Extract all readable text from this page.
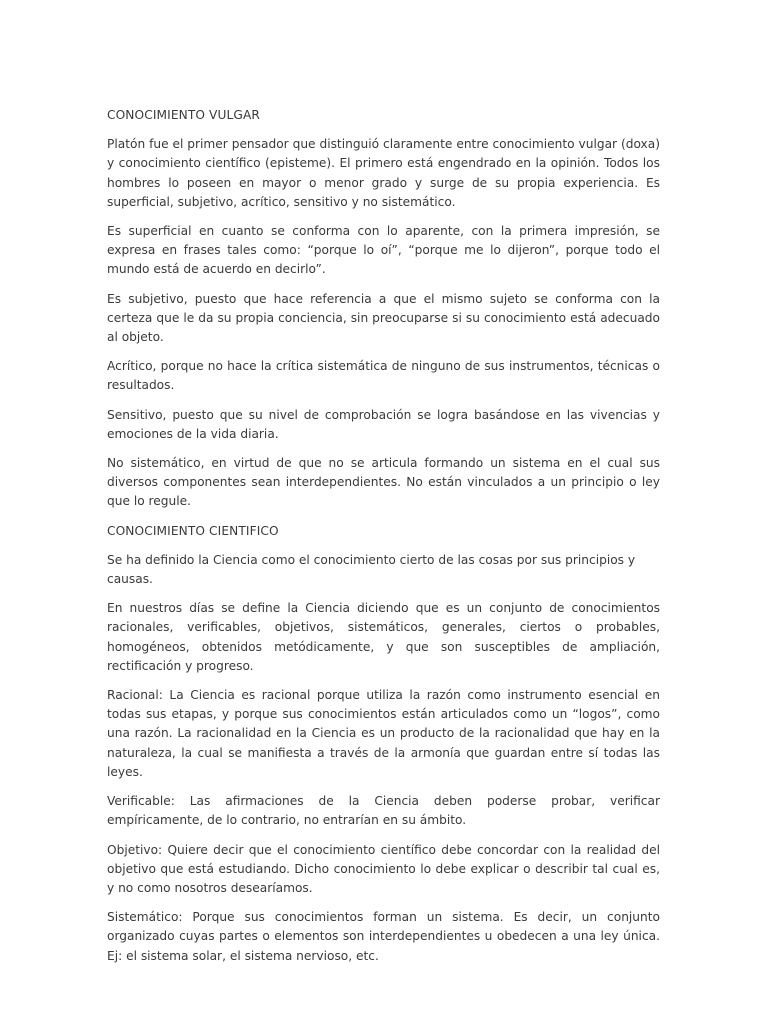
CONOCIMIENTO VULGAR
Platón fue el primer pensador que distinguió claramente entre conocimiento vulgar (doxa) y conocimiento científico (episteme). El primero está engendrado en la opinión. Todos los hombres lo poseen en mayor o menor grado y surge de su propia experiencia. Es superficial, subjetivo, acrítico, sensitivo y no sistemático.
Es superficial en cuanto se conforma con lo aparente, con la primera impresión, se expresa en frases tales como: “porque lo oí”, “porque me lo dijeron”, porque todo el mundo está de acuerdo en decirlo”.
Es subjetivo, puesto que hace referencia a que el mismo sujeto se conforma con la certeza que le da su propia conciencia, sin preocuparse si su conocimiento está adecuado al objeto.
Acrítico, porque no hace la crítica sistemática de ninguno de sus instrumentos, técnicas o resultados.
Sensitivo, puesto que su nivel de comprobación se logra basándose en las vivencias y emociones de la vida diaria.
No sistemático, en virtud de que no se articula formando un sistema en el cual sus diversos componentes sean interdependientes. No están vinculados a un principio o ley que lo regule.
CONOCIMIENTO CIENTIFICO
Se ha definido la Ciencia como el conocimiento cierto de las cosas por sus principios y causas.
En nuestros días se define la Ciencia diciendo que es un conjunto de conocimientos racionales, verificables, objetivos, sistemáticos, generales, ciertos o probables, homogéneos, obtenidos metódicamente, y que son susceptibles de ampliación, rectificación y progreso.
Racional: La Ciencia es racional porque utiliza la razón como instrumento esencial en todas sus etapas, y porque sus conocimientos están articulados como un “logos”, como una razón. La racionalidad en la Ciencia es un producto de la racionalidad que hay en la naturaleza, la cual se manifiesta a través de la armonía que guardan entre sí todas las leyes.
Verificable: Las afirmaciones de la Ciencia deben poderse probar, verificar empíricamente, de lo contrario, no entrarían en su ámbito.
Objetivo: Quiere decir que el conocimiento científico debe concordar con la realidad del objetivo que está estudiando. Dicho conocimiento lo debe explicar o describir tal cual es, y no como nosotros desearíamos.
Sistemático: Porque sus conocimientos forman un sistema. Es decir, un conjunto organizado cuyas partes o elementos son interdependientes u obedecen a una ley única. Ej: el sistema solar, el sistema nervioso, etc.
